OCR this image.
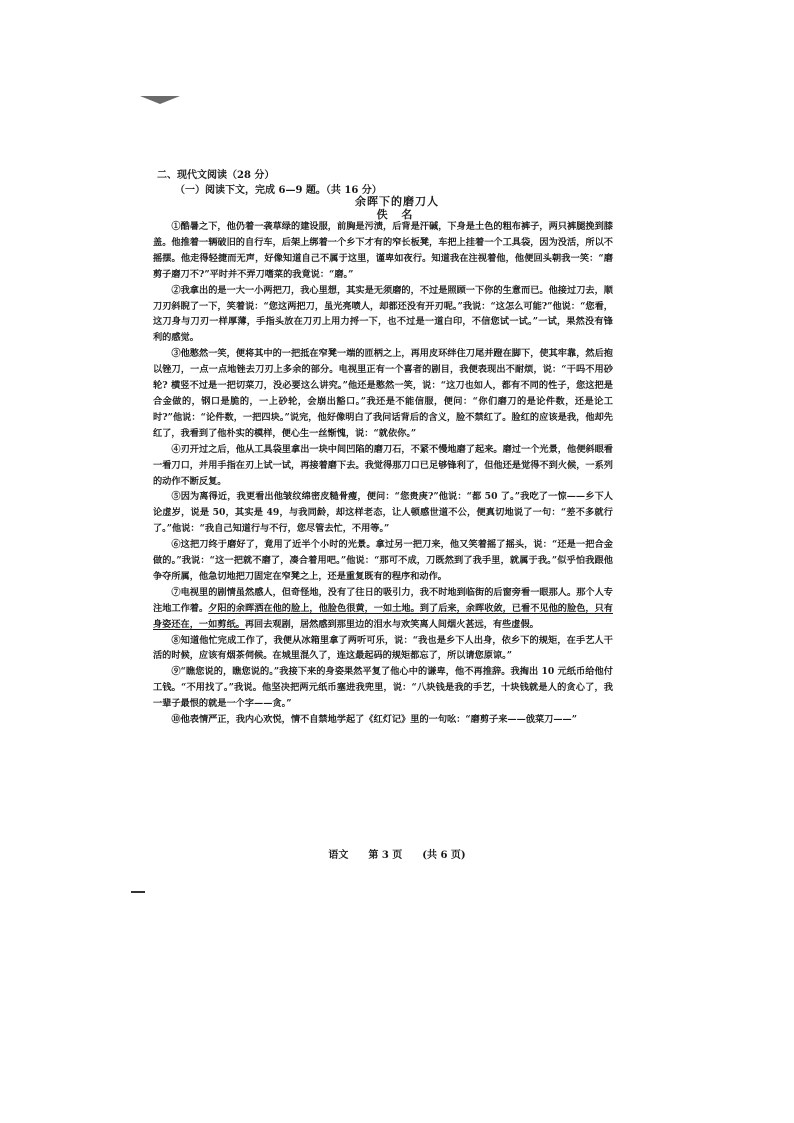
二、现代文阅读（28 分）
（一）阅读下文，完成 6—9 题。（共 16 分）
余晖下的磨刀人
佚 名

①酷暑之下，他仍着一袭草绿的建设服，前胸是污渍，后背是汗碱，下身是土色的粗布裤子，两只裤腿挽到膝盖。他推着一辆破旧的自行车，后架上绑着一个乡下才有的窄长板凳，车把上挂着一个工具袋，因为没活，所以不摇摆。他走得轻捷而无声，好像知道自己不属于这里，谨卑如夜行。知道我在注视着他，他便回头朝我一笑：“磨剪子磨刀不?”平时并不弄刀嗜菜的我竟说：“磨。”

②我拿出的是一大一小两把刀，我心里想，其实是无须磨的，不过是照顾一下你的生意而已。他接过刀去，顺刀刃斜睨了一下，笑着说：“您这两把刀，虽光亮喷人，却都还没有开刃呢。”我说：“这怎么可能?”他说：“您看，这刀身与刀刃一样厚薄，手指头放在刀刃上用力捋一下，也不过是一道白印，不信您试一试。”一试，果然没有锋利的感觉。

③他憨然一笑，便将其中的一把抵在窄凳一端的匝柄之上，再用皮环绊住刀尾并蹬在脚下，使其牢靠，然后抱以锉刀，一点一点地锉去刀刃上多余的部分。电视里正有一个喜者的剧目，我便表现出不耐烦，说：“干吗不用砂轮? 横竖不过是一把切菜刀，没必要这么讲究。”他还是憨然一笑，说：“这刀也如人，都有不同的性子，您这把是合金做的，钢口是脆的，一上砂轮，会崩出豁口。”我还是不能信服，便问：“你们磨刀的是论件数，还是论工时?”他说：“论件数，一把四块。”说完，他好像明白了我问话背后的含义，脸不禁红了。脸红的应该是我，他却先红了，我看到了他朴实的模样，便心生一丝惭愧，说：“就依你。”

④刃开过之后，他从工具袋里拿出一块中间凹陷的磨刀石，不紧不慢地磨了起来。磨过一个光景，他便斜眼看一看刀口，并用手指在刃上试一试，再接着磨下去。我觉得那刀口已足够锋利了，但他还是觉得不到火候，一系列的动作不断反复。

⑤因为离得近，我更看出他皱纹绵密皮糙骨瘦，便问：“您贵庚?”他说：“都 50 了。”我吃了一惊——乡下人论虚岁，说是 50，其实是 49，与我同龄，却这样老态，让人顿感世道不公，便真切地说了一句：“差不多就行了。”他说：“我自己知道行与不行，您尽管去忙，不用等。”

⑥这把刀终于磨好了，竟用了近半个小时的光景。拿过另一把刀来，他又笑着摇了摇头，说：“还是一把合金做的。”我说：“这一把就不磨了，凑合着用吧。”他说：“那可不成，刀既然到了我手里，就属于我。”似乎怕我跟他争夺所属，他急切地把刀固定在窄凳之上，还是重复既有的程序和动作。

⑦电视里的剧情虽然感人，但奇怪地，没有了往日的吸引力，我不时地到临街的后窗旁看一眼那人。那个人专注地工作着。夕阳的余晖洒在他的脸上，他脸色很黄，一如土地。到了后来，余晖收敛，已看不见他的脸色，只有身姿还在，一如剪纸。再回去观剧，居然感到那里边的泪水与欢笑离人间烟火甚远，有些虚假。

⑧知道他忙完成工作了，我便从冰箱里拿了两听可乐，说：“我也是乡下人出身，依乡下的规矩，在手艺人干活的时候，应该有烟茶伺候。在城里混久了，连这最起码的规矩都忘了，所以请您原谅。”

⑨“瞧您说的，瞧您说的。”我接下来的身姿果然平复了他心中的谦卑，他不再推辞。我掏出 10 元纸币给他付工钱。“不用找了。”我说。他坚决把两元纸币塞进我兜里，说：“八块钱是我的手艺，十块钱就是人的贪心了，我一辈子最恨的就是一个字——贪。”

⑩他表情严正，我内心欢悦，情不自禁地学起了《红灯记》里的一句吆：“磨剪子来——戗菜刀——”

语文　　第 3 页　　(共 6 页)
